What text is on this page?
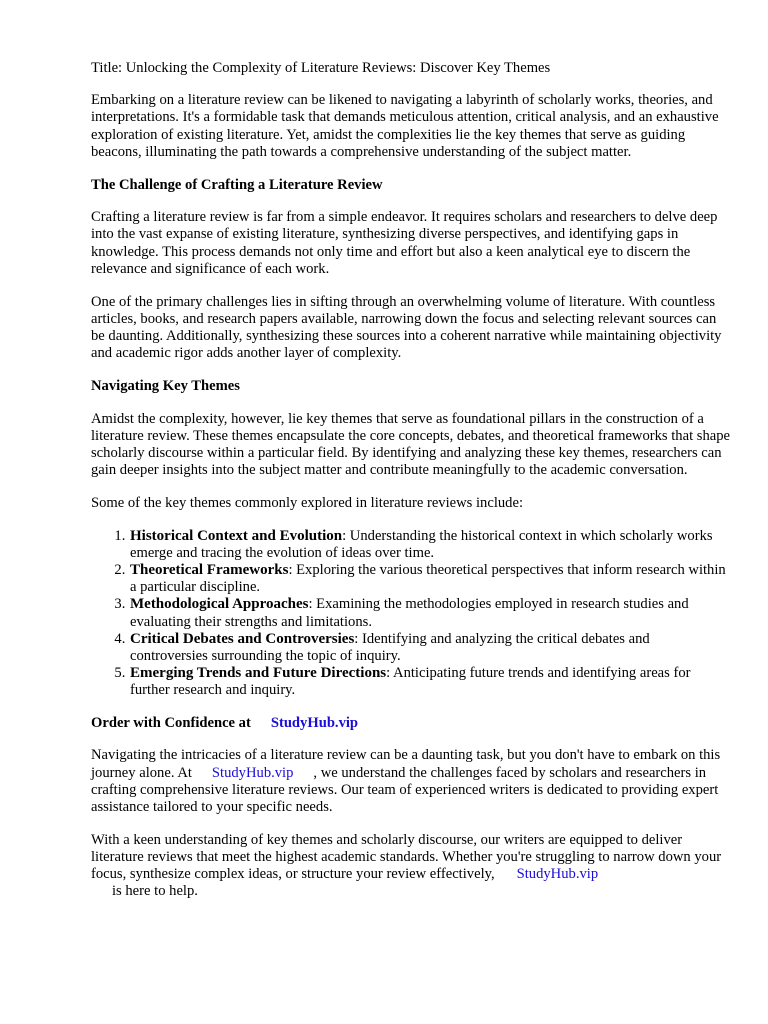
Title: Unlocking the Complexity of Literature Reviews: Discover Key Themes

Embarking on a literature review can be likened to navigating a labyrinth of scholarly works, theories, and interpretations. It's a formidable task that demands meticulous attention, critical analysis, and an exhaustive exploration of existing literature. Yet, amidst the complexities lie the key themes that serve as guiding beacons, illuminating the path towards a comprehensive understanding of the subject matter.

The Challenge of Crafting a Literature Review

Crafting a literature review is far from a simple endeavor. It requires scholars and researchers to delve deep into the vast expanse of existing literature, synthesizing diverse perspectives, and identifying gaps in knowledge. This process demands not only time and effort but also a keen analytical eye to discern the relevance and significance of each work.

One of the primary challenges lies in sifting through an overwhelming volume of literature. With countless articles, books, and research papers available, narrowing down the focus and selecting relevant sources can be daunting. Additionally, synthesizing these sources into a coherent narrative while maintaining objectivity and academic rigor adds another layer of complexity.

Navigating Key Themes

Amidst the complexity, however, lie key themes that serve as foundational pillars in the construction of a literature review. These themes encapsulate the core concepts, debates, and theoretical frameworks that shape scholarly discourse within a particular field. By identifying and analyzing these key themes, researchers can gain deeper insights into the subject matter and contribute meaningfully to the academic conversation.

Some of the key themes commonly explored in literature reviews include:

1. Historical Context and Evolution: Understanding the historical context in which scholarly works emerge and tracing the evolution of ideas over time.
2. Theoretical Frameworks: Exploring the various theoretical perspectives that inform research within a particular discipline.
3. Methodological Approaches: Examining the methodologies employed in research studies and evaluating their strengths and limitations.
4. Critical Debates and Controversies: Identifying and analyzing the critical debates and controversies surrounding the topic of inquiry.
5. Emerging Trends and Future Directions: Anticipating future trends and identifying areas for further research and inquiry.
Order with Confidence at StudyHub.vip

Navigating the intricacies of a literature review can be a daunting task, but you don't have to embark on this journey alone. At StudyHub.vip , we understand the challenges faced by scholars and researchers in crafting comprehensive literature reviews. Our team of experienced writers is dedicated to providing expert assistance tailored to your specific needs.

With a keen understanding of key themes and scholarly discourse, our writers are equipped to deliver literature reviews that meet the highest academic standards. Whether you're struggling to narrow down your focus, synthesize complex ideas, or structure your review effectively, StudyHub.vip
is here to help.
